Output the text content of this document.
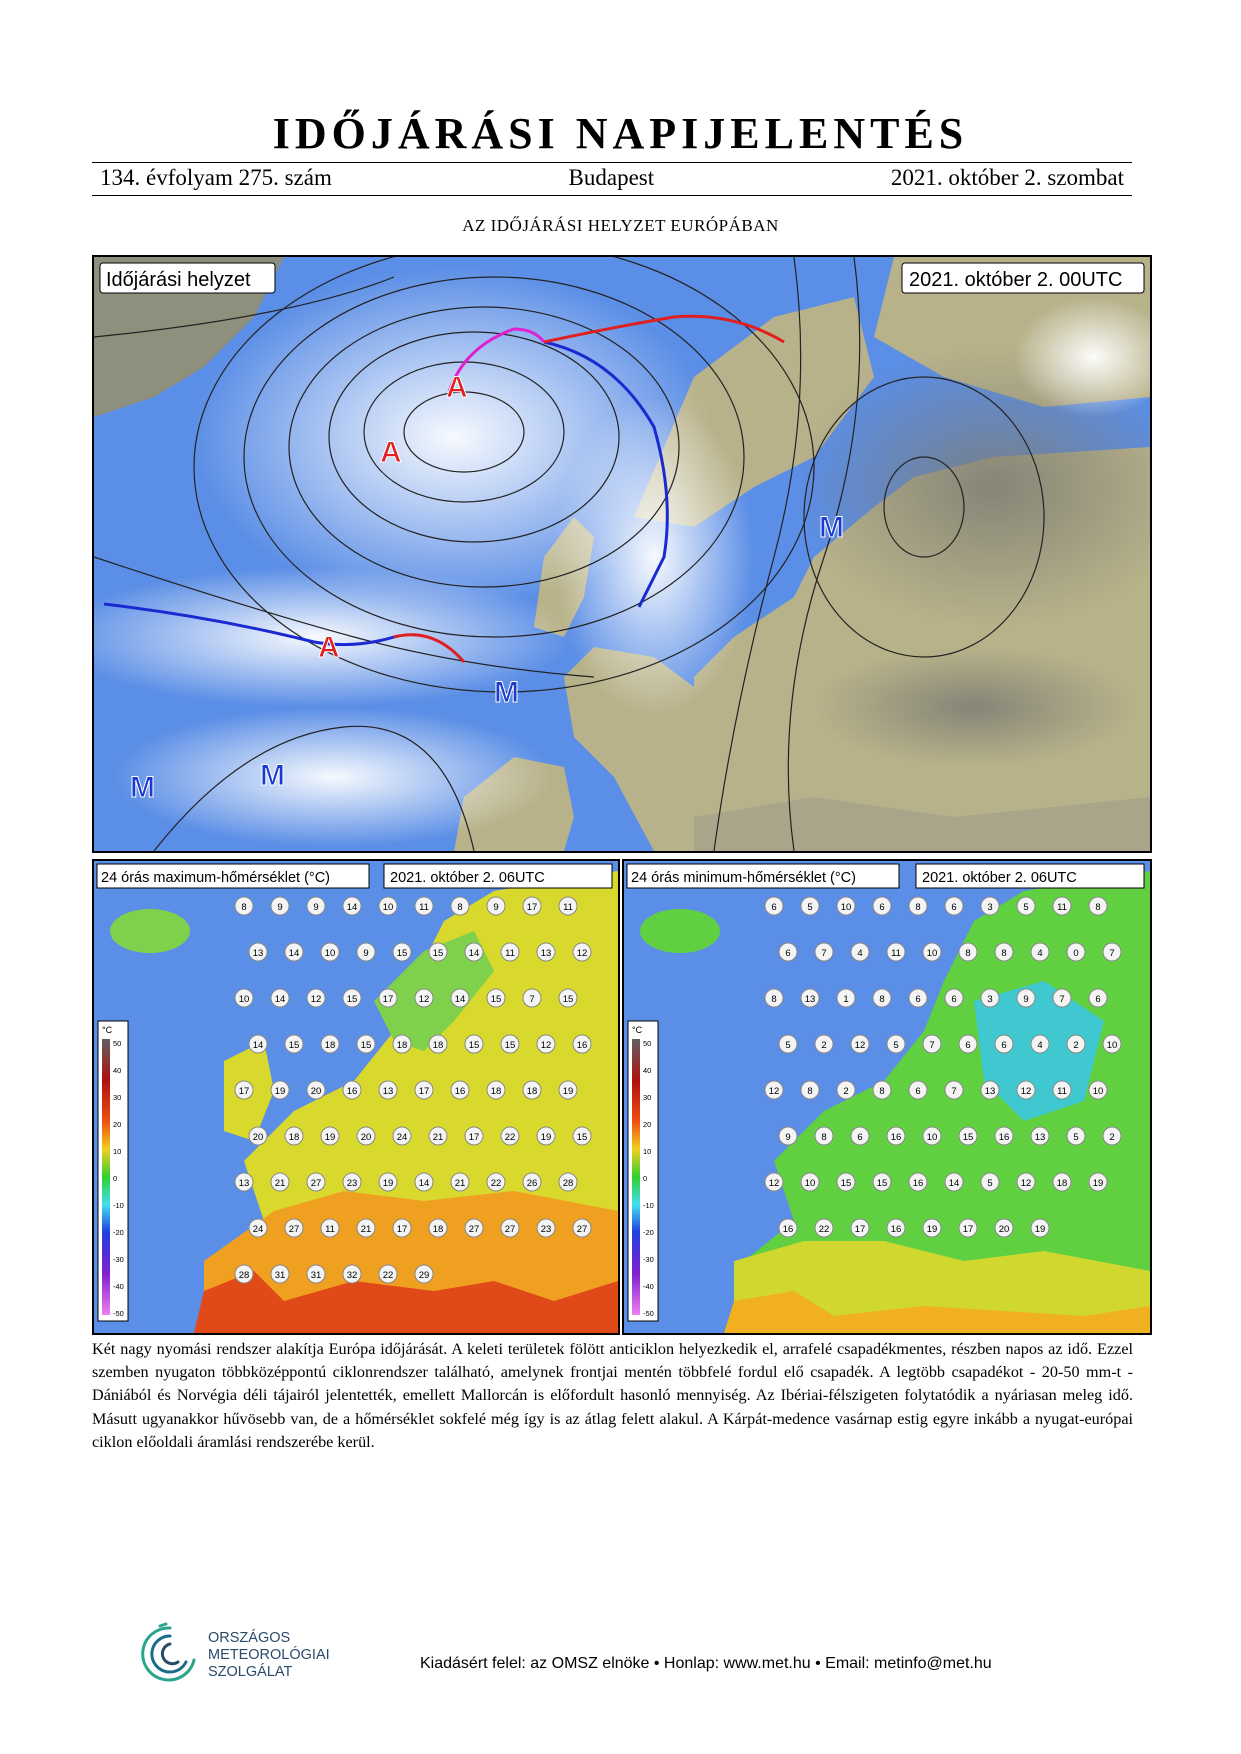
IDŐJÁRÁSI NAPIJELENTÉS
134. évfolyam 275. szám	Budapest	2021. október 2. szombat
AZ IDŐJÁRÁSI HELYZET EURÓPÁBAN
A
A
M
A
M
M	M
Időjárási helyzet	2021. október 2. 00UTC
8	9	9	14	10	11	8	9	17	11
13	14	10	9	15	15	14	11	13	12
10	14	12	15	17	12	14	15	7	15
14	15	18	15	18	18	15	15	12	16
17	19	20	16	13	17	16	18	18	19
20	18	19	20	24	21	17	22	19	15
13	21	27	23	19	14	21	22	26	28
24	27	11	21	17	18	27	27	23	27
28	31	31	32	22	29
°C
50
40
30
20
10
0
-10
-20
-30
-40
-50
24 órás maximum-hőmérséklet (°C)	2021. október 2. 06UTC
6	5	10	6	8	6	3	5	11	8
6	7	4	11	10	8	8	4	0	7
8	13	1	8	6	6	3	9	7	6
5	2	12	5	7	6	6	4	2	10
12	8	2	8	6	7	13	12	11	10
9	8	6	16	10	15	16	13	5	2
12	10	15	15	16	14	5	12	18	19
16	22	17	16	19	17	20	19
°C
50
40
30
20
10
0
-10
-20
-30
-40
-50
24 órás minimum-hőmérséklet (°C)	2021. október 2. 06UTC
Két nagy nyomási rendszer alakítja Európa időjárását. A keleti területek fölött anticiklon helyezkedik el, arrafelé csapadékmentes, részben napos az idő. Ezzel szemben nyugaton többközéppontú ciklonrendszer található, amelynek frontjai mentén többfelé fordul elő csapadék. A legtöbb csapadékot - 20-50 mm-t - Dániából és Norvégia déli tájairól jelentették, emellett Mallorcán is előfordult hasonló mennyiség. Az Ibériai-félszigeten folytatódik a nyáriasan meleg idő. Másutt ugyanakkor hűvösebb van, de a hőmérséklet sokfelé még így is az átlag felett alakul. A Kárpát-medence vasárnap estig egyre inkább a nyugat-európai ciklon előoldali áramlási rendszerébe kerül.
ORSZÁGOS
METEOROLÓGIAI
SZOLGÁLAT	Kiadásért felel: az OMSZ elnöke • Honlap: www.met.hu • Email: metinfo@met.hu
